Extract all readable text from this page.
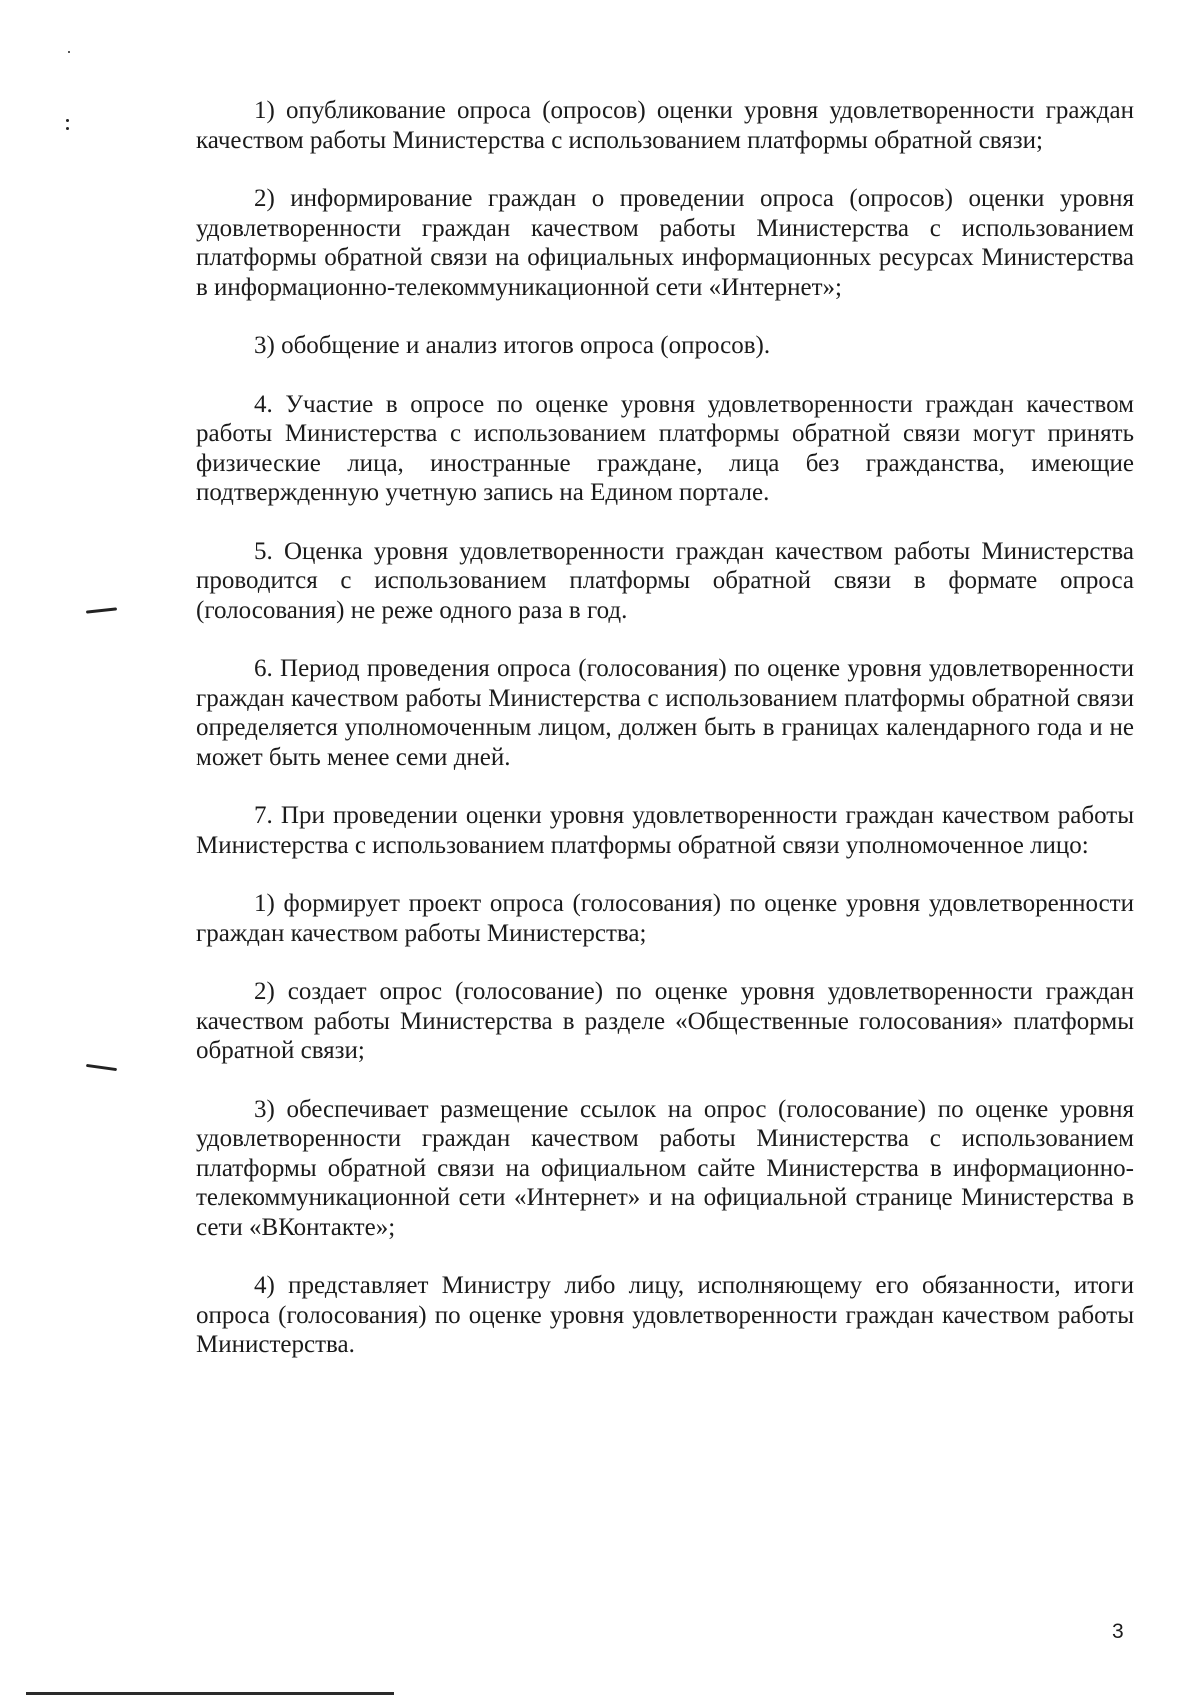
1) опубликование опроса (опросов) оценки уровня удовлетворенности граждан качеством работы Министерства с использованием платформы обратной связи;

2) информирование граждан о проведении опроса (опросов) оценки уровня удовлетворенности граждан качеством работы Министерства с использованием платформы обратной связи на официальных информационных ресурсах Министерства в информационно-телекоммуникационной сети «Интернет»;

3) обобщение и анализ итогов опроса (опросов).

4. Участие в опросе по оценке уровня удовлетворенности граждан качеством работы Министерства с использованием платформы обратной связи могут принять физические лица, иностранные граждане, лица без гражданства, имеющие подтвержденную учетную запись на Едином портале.

5. Оценка уровня удовлетворенности граждан качеством работы Министерства проводится с использованием платформы обратной связи в формате опроса (голосования) не реже одного раза в год.

6. Период проведения опроса (голосования) по оценке уровня удовлетворенности граждан качеством работы Министерства с использованием платформы обратной связи определяется уполномоченным лицом, должен быть в границах календарного года и не может быть менее семи дней.

7. При проведении оценки уровня удовлетворенности граждан качеством работы Министерства с использованием платформы обратной связи уполномоченное лицо:

1) формирует проект опроса (голосования) по оценке уровня удовлетворенности граждан качеством работы Министерства;

2) создает опрос (голосование) по оценке уровня удовлетворенности граждан качеством работы Министерства в разделе «Общественные голосования» платформы обратной связи;

3) обеспечивает размещение ссылок на опрос (голосование) по оценке уровня удовлетворенности граждан качеством работы Министерства с использованием платформы обратной связи на официальном сайте Министерства в информационно-телекоммуникационной сети «Интернет» и на официальной странице Министерства в сети «ВКонтакте»;

4) представляет Министру либо лицу, исполняющему его обязанности, итоги опроса (голосования) по оценке уровня удовлетворенности граждан качеством работы Министерства.

3
